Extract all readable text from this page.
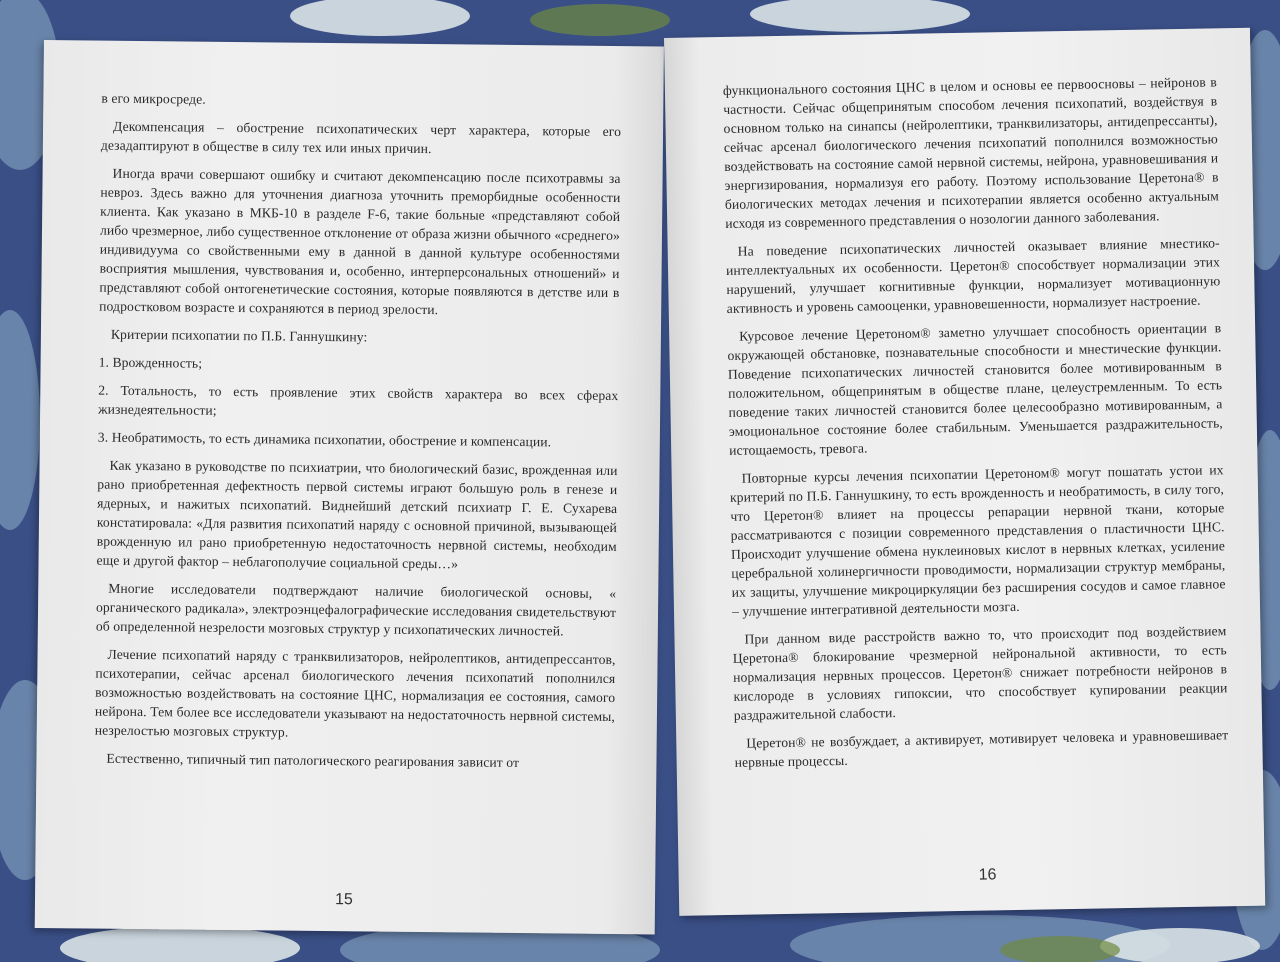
в его микросреде.

Декомпенсация – обострение психопатических черт характера, которые его дезадаптируют в обществе в силу тех или иных причин.

Иногда врачи совершают ошибку и считают декомпенсацию после психотравмы за невроз. Здесь важно для уточнения диагноза уточнить преморбидные особенности клиента. Как указано в МКБ-10 в разделе F-6, такие больные «представляют собой либо чрезмерное, либо существенное отклонение от образа жизни обычного «среднего» индивидуума со свойственными ему в данной в данной культуре особенностями восприятия мышления, чувствования и, особенно, интерперсональных отношений» и представляют собой онтогенетические состояния, которые появляются в детстве или в подростковом возрасте и сохраняются в период зрелости.

Критерии психопатии по П.Б. Ганнушкину:

1. Врожденность;

2. Тотальность, то есть проявление этих свойств характера во всех сферах жизнедеятельности;

3. Необратимость, то есть динамика психопатии, обострение и компенсации.

Как указано в руководстве по психиатрии, что биологический базис, врожденная или рано приобретенная дефектность первой системы играют большую роль в генезе и ядерных, и нажитых психопатий. Виднейший детский психиатр Г. Е. Сухарева констатировала: «Для развития психопатий наряду с основной причиной, вызывающей врожденную ил рано приобретенную недостаточность нервной системы, необходим еще и другой фактор – неблагополучие социальной среды…»

Многие исследователи подтверждают наличие биологической основы, « органического радикала», электроэнцефалографические исследования свидетельствуют об определенной незрелости мозговых структур у психопатических личностей.

Лечение психопатий наряду с транквилизаторов, нейролептиков, антидепрессантов, психотерапии, сейчас арсенал биологического лечения психопатий пополнился возможностью воздействовать на состояние ЦНС, нормализация ее состояния, самого нейрона. Тем более все исследователи указывают на недостаточность нервной системы, незрелостью мозговых структур.

Естественно, типичный тип патологического реагирования зависит от

15

функционального состояния ЦНС в целом и основы ее первоосновы – нейронов в частности. Сейчас общепринятым способом лечения психопатий, воздействуя в основном только на синапсы (нейролептики, транквилизаторы, антидепрессанты), сейчас арсенал биологического лечения психопатий пополнился возможностью воздействовать на состояние самой нервной системы, нейрона, уравновешивания и энергизирования, нормализуя его работу. Поэтому использование Церетона® в биологических методах лечения и психотерапии является особенно актуальным исходя из современного представления о нозологии данного заболевания.

На поведение психопатических личностей оказывает влияние мнестико-интеллектуальных их особенности. Церетон® способствует нормализации этих нарушений, улучшает когнитивные функции, нормализует мотивационную активность и уровень самооценки, уравновешенности, нормализует настроение.

Курсовое лечение Церетоном® заметно улучшает способность ориентации в окружающей обстановке, познавательные способности и мнестические функции. Поведение психопатических личностей становится более мотивированным в положительном, общепринятым в обществе плане, целеустремленным. То есть поведение таких личностей становится более целесообразно мотивированным, а эмоциональное состояние более стабильным. Уменьшается раздражительность, истощаемость, тревога.

Повторные курсы лечения психопатии Церетоном® могут пошатать устои их критерий по П.Б. Ганнушкину, то есть врожденность и необратимость, в силу того, что Церетон® влияет на процессы репарации нервной ткани, которые рассматриваются с позиции современного представления о пластичности ЦНС. Происходит улучшение обмена нуклеиновых кислот в нервных клетках, усиление церебральной холинергичности проводимости, нормализации структур мембраны, их защиты, улучшение микроциркуляции без расширения сосудов и самое главное – улучшение интегративной деятельности мозга.

При данном виде расстройств важно то, что происходит под воздействием Церетона® блокирование чрезмерной нейрональной активности, то есть нормализация нервных процессов. Церетон® снижает потребности нейронов в кислороде в условиях гипоксии, что способствует купировании реакции раздражительной слабости.

Церетон® не возбуждает, а активирует, мотивирует человека и уравновешивает нервные процессы.

16
